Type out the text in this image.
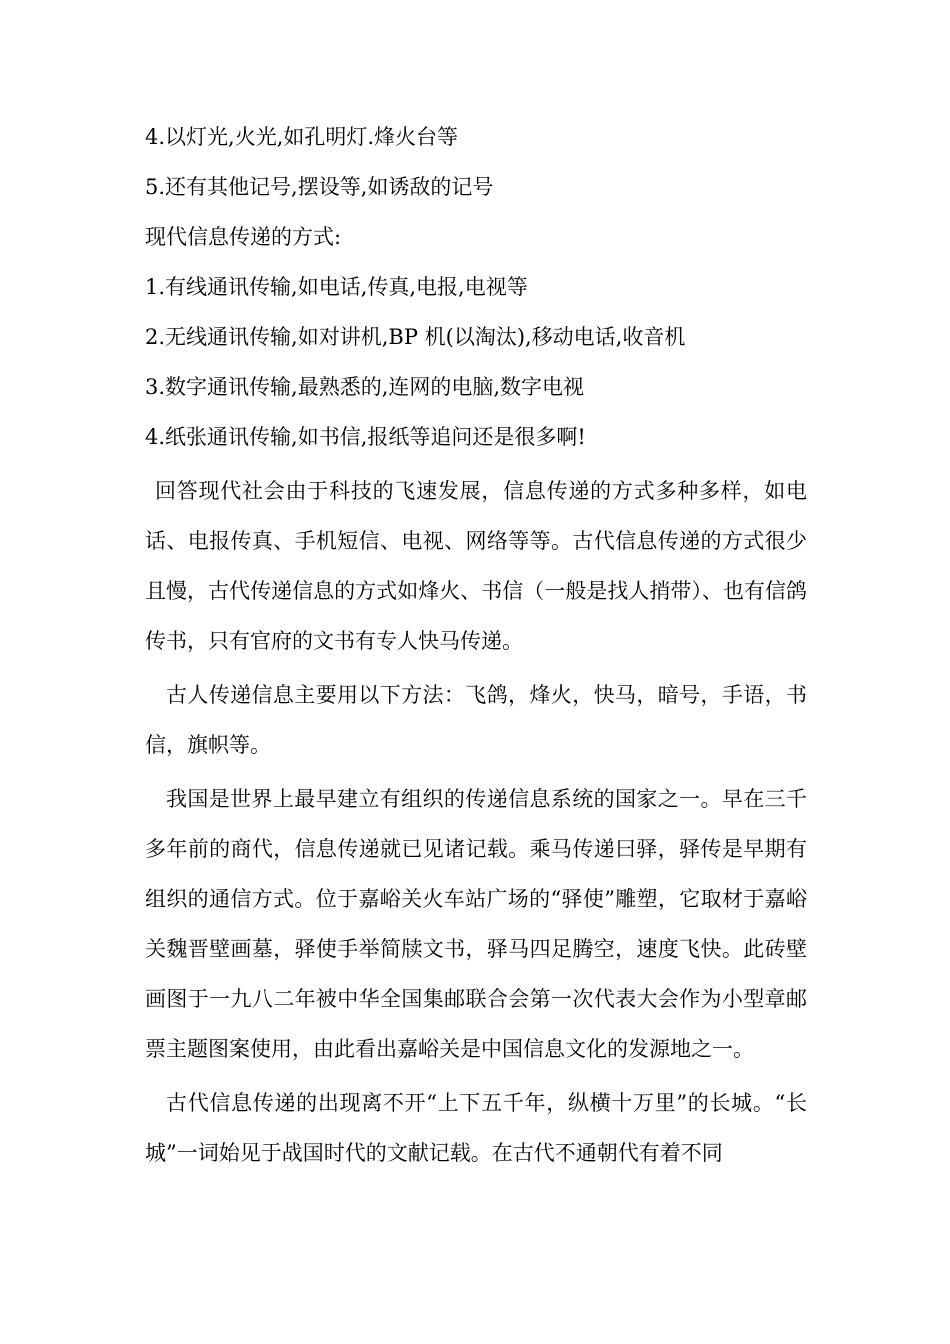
4.以灯光,火光,如孔明灯.烽火台等

5.还有其他记号,摆设等,如诱敌的记号

现代信息传递的方式:

1.有线通讯传输,如电话,传真,电报,电视等

2.无线通讯传输,如对讲机,BP 机(以淘汰),移动电话,收音机

3.数字通讯传输,最熟悉的,连网的电脑,数字电视

4.纸张通讯传输,如书信,报纸等追问还是很多啊!

回答现代社会由于科技的飞速发展，信息传递的方式多种多样，如电话、电报传真、手机短信、电视、网络等等。古代信息传递的方式很少且慢，古代传递信息的方式如烽火、书信（一般是找人捎带）、也有信鸽传书，只有官府的文书有专人快马传递。

古人传递信息主要用以下方法：飞鸽，烽火，快马，暗号，手语，书信，旗帜等。

我国是世界上最早建立有组织的传递信息系统的国家之一。早在三千多年前的商代，信息传递就已见诸记载。乘马传递曰驿，驿传是早期有组织的通信方式。位于嘉峪关火车站广场的“驿使”雕塑，它取材于嘉峪关魏晋壁画墓，驿使手举简牍文书，驿马四足腾空，速度飞快。此砖壁画图于一九八二年被中华全国集邮联合会第一次代表大会作为小型章邮票主题图案使用，由此看出嘉峪关是中国信息文化的发源地之一。

古代信息传递的出现离不开“上下五千年，纵横十万里”的长城。“长城”一词始见于战国时代的文献记载。在古代不通朝代有着不同
